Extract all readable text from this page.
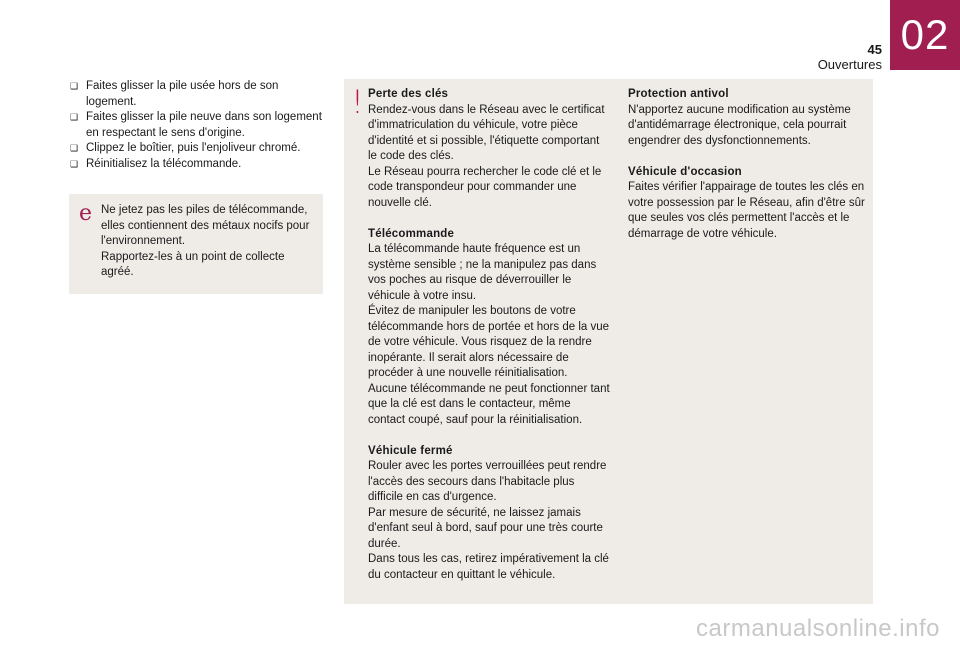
45
Ouvertures
02
❑ Faites glisser la pile usée hors de son logement.
❑ Faites glisser la pile neuve dans son logement en respectant le sens d'origine.
❑ Clippez le boîtier, puis l'enjoliveur chromé.
❑ Réinitialisez la télécommande.
e Ne jetez pas les piles de télécommande, elles contiennent des métaux nocifs pour l'environnement.

Rapportez-les à un point de collecte agréé.

! Perte des clés

Rendez-vous dans le Réseau avec le certificat d'immatriculation du véhicule, votre pièce d'identité et si possible, l'étiquette comportant le code des clés.

Le Réseau pourra rechercher le code clé et le code transpondeur pour commander une nouvelle clé.

Télécommande

La télécommande haute fréquence est un système sensible ; ne la manipulez pas dans vos poches au risque de déverrouiller le véhicule à votre insu.

Évitez de manipuler les boutons de votre télécommande hors de portée et hors de la vue de votre véhicule. Vous risquez de la rendre inopérante. Il serait alors nécessaire de procéder à une nouvelle réinitialisation.

Aucune télécommande ne peut fonctionner tant que la clé est dans le contacteur, même contact coupé, sauf pour la réinitialisation.

Véhicule fermé

Rouler avec les portes verrouillées peut rendre l'accès des secours dans l'habitacle plus difficile en cas d'urgence.

Par mesure de sécurité, ne laissez jamais d'enfant seul à bord, sauf pour une très courte durée.

Dans tous les cas, retirez impérativement la clé du contacteur en quittant le véhicule.

Protection antivol

N'apportez aucune modification au système d'antidémarrage électronique, cela pourrait engendrer des dysfonctionnements.

Véhicule d'occasion

Faites vérifier l'appairage de toutes les clés en votre possession par le Réseau, afin d'être sûr que seules vos clés permettent l'accès et le démarrage de votre véhicule.

carmanualsonline.info
